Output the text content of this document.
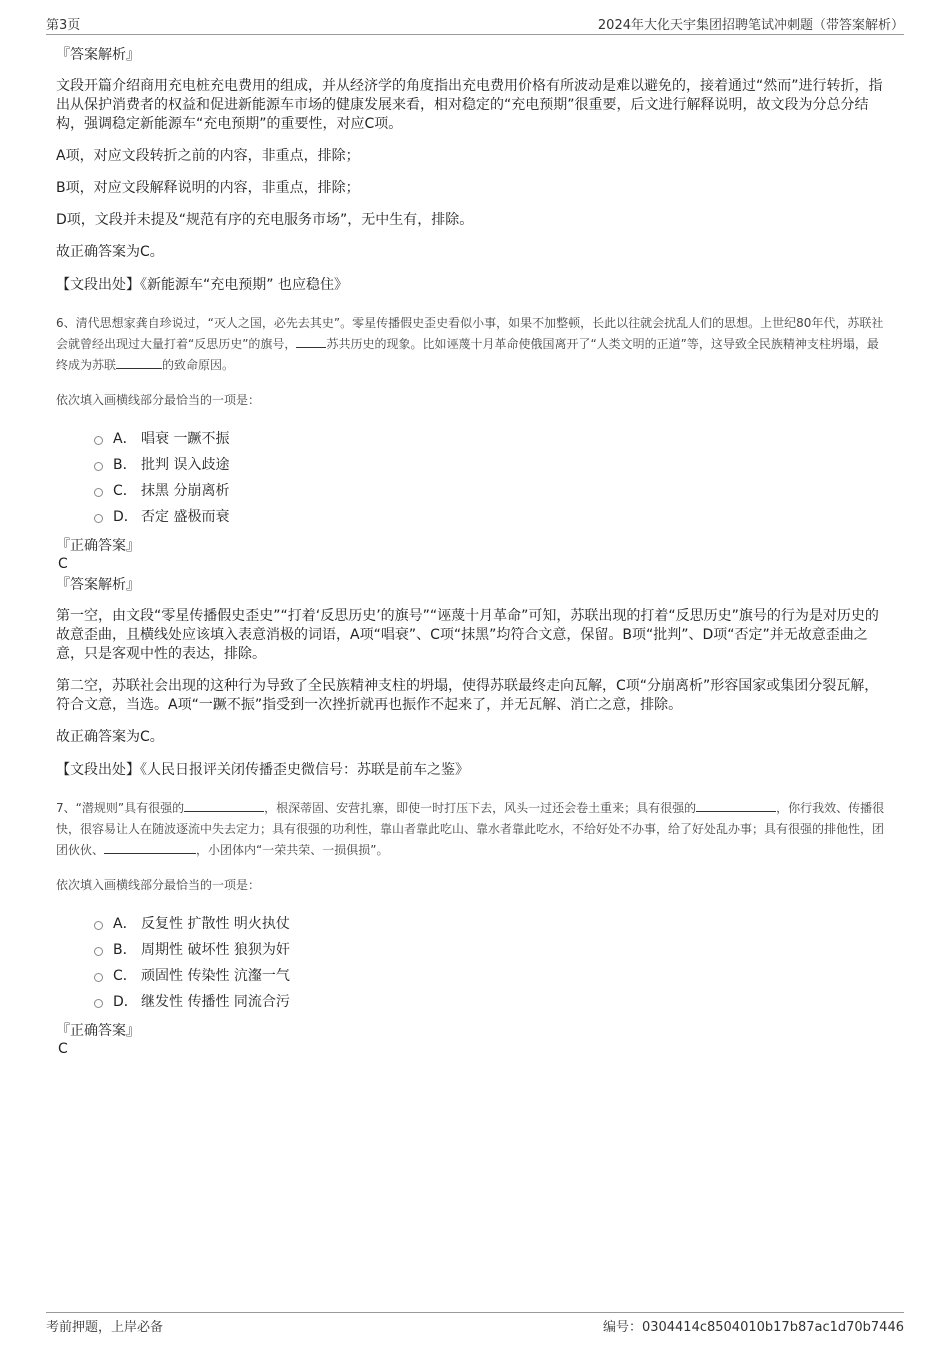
第3页	2024年大化天宇集团招聘笔试冲刺题（带答案解析）

『答案解析』

文段开篇介绍商用充电桩充电费用的组成，并从经济学的角度指出充电费用价格有所波动是难以避免的，接着通过“然而”进行转折，指出从保护消费者的权益和促进新能源车市场的健康发展来看，相对稳定的“充电预期”很重要，后文进行解释说明，故文段为分总分结构，强调稳定新能源车“充电预期”的重要性，对应C项。

A项，对应文段转折之前的内容，非重点，排除；

B项，对应文段解释说明的内容，非重点，排除；

D项，文段并未提及“规范有序的充电服务市场”，无中生有，排除。

故正确答案为C。

【文段出处】《新能源车“充电预期” 也应稳住》

6、清代思想家龚自珍说过，“灭人之国，必先去其史”。零星传播假史歪史看似小事，如果不加整顿，长此以往就会扰乱人们的思想。上世纪80年代，苏联社会就曾经出现过大量打着“反思历史”的旗号，	苏共历史的现象。比如诬蔑十月革命使俄国离开了“人类文明的正道”等，这导致全民族精神支柱坍塌，最终成为苏联	的致命原因。

依次填入画横线部分最恰当的一项是：

A． 唱衰 一蹶不振
B． 批判 误入歧途
C． 抹黑 分崩离析
D． 否定 盛极而衰

『正确答案』

C

『答案解析』

第一空，由文段“零星传播假史歪史”“打着‘反思历史’的旗号”“诬蔑十月革命”可知，苏联出现的打着“反思历史”旗号的行为是对历史的故意歪曲，且横线处应该填入表意消极的词语，A项“唱衰”、C项“抹黑”均符合文意，保留。B项“批判”、D项“否定”并无故意歪曲之意，只是客观中性的表达，排除。

第二空，苏联社会出现的这种行为导致了全民族精神支柱的坍塌，使得苏联最终走向瓦解，C项“分崩离析”形容国家或集团分裂瓦解，符合文意，当选。A项“一蹶不振”指受到一次挫折就再也振作不起来了，并无瓦解、消亡之意，排除。

故正确答案为C。

【文段出处】《人民日报评关闭传播歪史微信号：苏联是前车之鉴》

7、“潜规则”具有很强的	，根深蒂固、安营扎寨，即使一时打压下去，风头一过还会卷土重来；具有很强的	，你行我效、传播很快，很容易让人在随波逐流中失去定力；具有很强的功利性，靠山者靠此吃山、靠水者靠此吃水，不给好处不办事，给了好处乱办事；具有很强的排他性，团团伙伙、	，小团体内“一荣共荣、一损俱损”。

依次填入画横线部分最恰当的一项是：

A． 反复性 扩散性 明火执仗
B． 周期性 破坏性 狼狈为奸
C． 顽固性 传染性 沆瀣一气
D． 继发性 传播性 同流合污

『正确答案』

C

考前押题，上岸必备	编号：0304414c8504010b17b87ac1d70b7446
